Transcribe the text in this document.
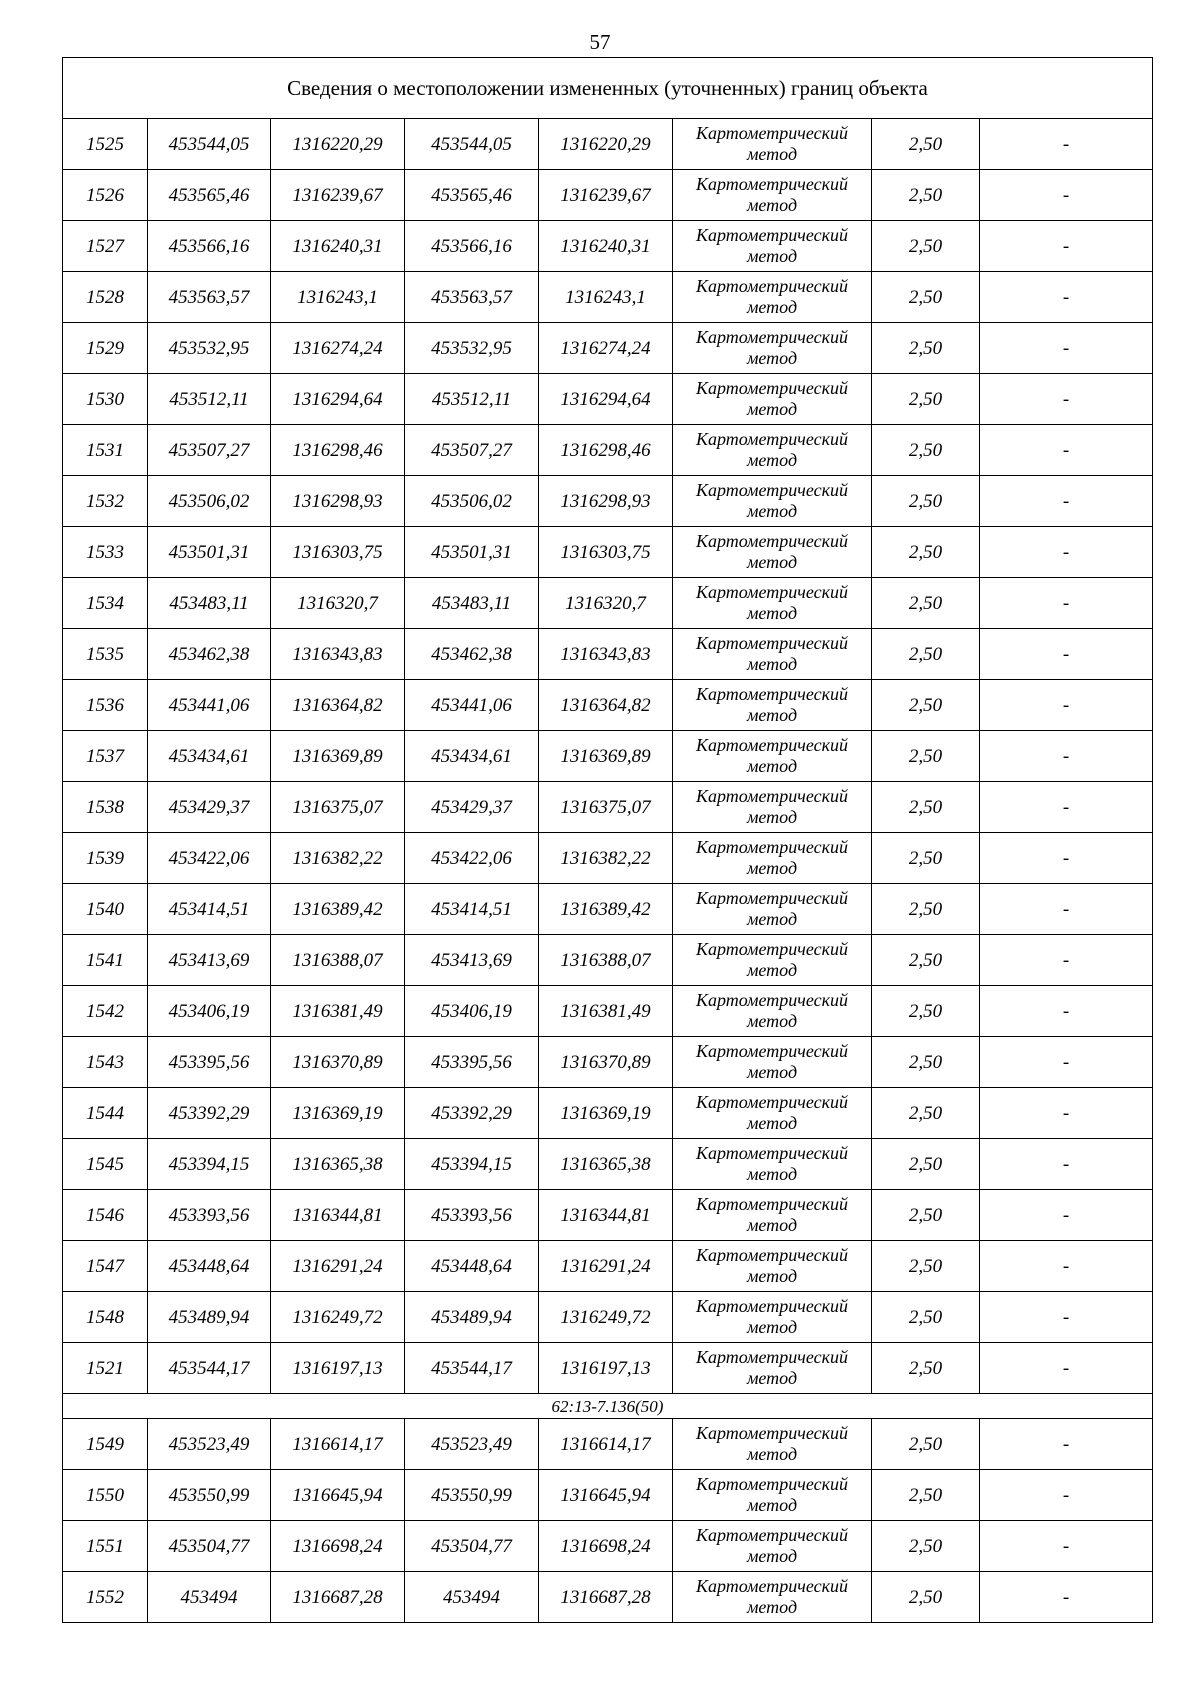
57
Сведения о местоположении измененных (уточненных) границ объекта							
1525	453544,05	1316220,29	453544,05	1316220,29	Картометрический метод	2,50	-
1526	453565,46	1316239,67	453565,46	1316239,67	Картометрический метод	2,50	-
1527	453566,16	1316240,31	453566,16	1316240,31	Картометрический метод	2,50	-
1528	453563,57	1316243,1	453563,57	1316243,1	Картометрический метод	2,50	-
1529	453532,95	1316274,24	453532,95	1316274,24	Картометрический метод	2,50	-
1530	453512,11	1316294,64	453512,11	1316294,64	Картометрический метод	2,50	-
1531	453507,27	1316298,46	453507,27	1316298,46	Картометрический метод	2,50	-
1532	453506,02	1316298,93	453506,02	1316298,93	Картометрический метод	2,50	-
1533	453501,31	1316303,75	453501,31	1316303,75	Картометрический метод	2,50	-
1534	453483,11	1316320,7	453483,11	1316320,7	Картометрический метод	2,50	-
1535	453462,38	1316343,83	453462,38	1316343,83	Картометрический метод	2,50	-
1536	453441,06	1316364,82	453441,06	1316364,82	Картометрический метод	2,50	-
1537	453434,61	1316369,89	453434,61	1316369,89	Картометрический метод	2,50	-
1538	453429,37	1316375,07	453429,37	1316375,07	Картометрический метод	2,50	-
1539	453422,06	1316382,22	453422,06	1316382,22	Картометрический метод	2,50	-
1540	453414,51	1316389,42	453414,51	1316389,42	Картометрический метод	2,50	-
1541	453413,69	1316388,07	453413,69	1316388,07	Картометрический метод	2,50	-
1542	453406,19	1316381,49	453406,19	1316381,49	Картометрический метод	2,50	-
1543	453395,56	1316370,89	453395,56	1316370,89	Картометрический метод	2,50	-
1544	453392,29	1316369,19	453392,29	1316369,19	Картометрический метод	2,50	-
1545	453394,15	1316365,38	453394,15	1316365,38	Картометрический метод	2,50	-
1546	453393,56	1316344,81	453393,56	1316344,81	Картометрический метод	2,50	-
1547	453448,64	1316291,24	453448,64	1316291,24	Картометрический метод	2,50	-
1548	453489,94	1316249,72	453489,94	1316249,72	Картометрический метод	2,50	-
1521	453544,17	1316197,13	453544,17	1316197,13	Картометрический метод	2,50	-
62:13-7.136(50)							
1549	453523,49	1316614,17	453523,49	1316614,17	Картометрический метод	2,50	-
1550	453550,99	1316645,94	453550,99	1316645,94	Картометрический метод	2,50	-
1551	453504,77	1316698,24	453504,77	1316698,24	Картометрический метод	2,50	-
1552	453494	1316687,28	453494	1316687,28	Картометрический метод	2,50	-
